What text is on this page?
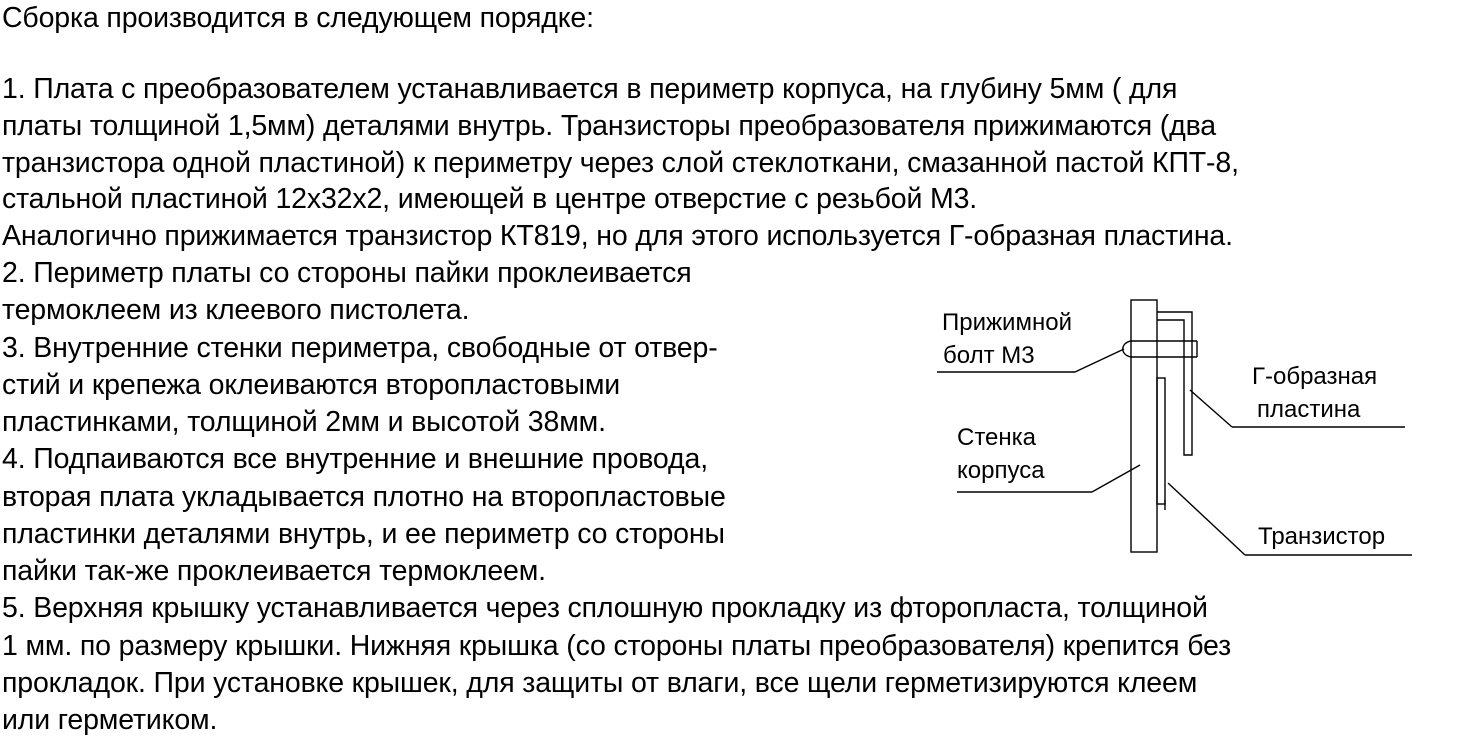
Сборка производится в следующем порядке:
1. Плата с преобразователем устанавливается в периметр корпуса, на глубину 5мм ( для
платы толщиной 1,5мм) деталями внутрь. Транзисторы преобразователя прижимаются (два
транзистора одной пластиной) к периметру через слой стеклоткани, смазанной пастой КПТ-8,
стальной пластиной 12х32х2, имеющей в центре отверстие с резьбой М3.
Аналогично прижимается транзистор КТ819, но для этого используется Г-образная пластина.
2. Периметр платы со стороны пайки проклеивается
термоклеем из клеевого пистолета.
3. Внутренние стенки периметра, свободные от отвер-
стий и крепежа оклеиваются второпластовыми
пластинками, толщиной 2мм и высотой 38мм.
4. Подпаиваются все внутренние и внешние провода,
вторая плата укладывается плотно на второпластовые
пластинки деталями внутрь, и ее периметр со стороны
пайки так-же проклеивается термоклеем.
5. Верхняя крышку устанавливается через сплошную прокладку из фторопласта, толщиной
1 мм. по размеру крышки. Нижняя крышка (со стороны платы преобразователя) крепится без
прокладок. При установке крышек, для защиты от влаги, все щели герметизируются клеем
или герметиком.
Прижимной
болт М3
Г-образная
пластина
Стенка
корпуса
Транзистор
